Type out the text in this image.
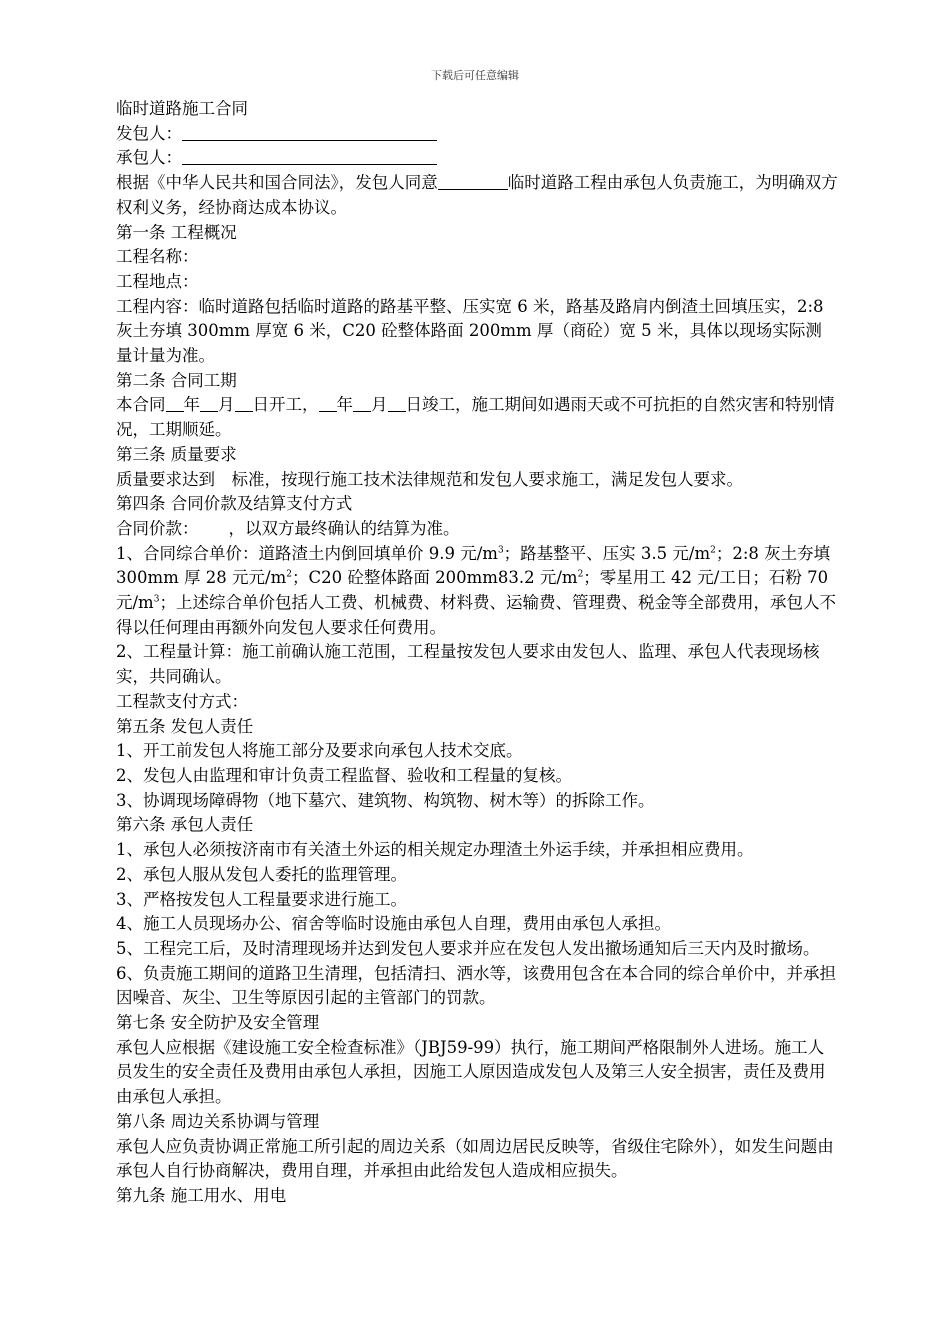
下载后可任意编辑

临时道路施工合同

发包人：

承包人：

根据《中华人民共和国合同法》，发包人同意	临时道路工程由承包人负责施工，为明确双方权利义务，经协商达成本协议。

第一条 工程概况

工程名称：

工程地点：

工程内容：临时道路包括临时道路的路基平整、压实宽 6 米，路基及路肩内倒渣土回填压实，2:8 灰土夯填 300mm 厚宽 6 米，C20 砼整体路面 200mm 厚（商砼）宽 5 米，具体以现场实际测量计量为准。

第二条 合同工期

本合同 年 月 日开工， 年 月 日竣工，施工期间如遇雨天或不可抗拒的自然灾害和特别情况，工期顺延。

第三条 质量要求

质量要求达到　标准，按现行施工技术法律规范和发包人要求施工，满足发包人要求。

第四条 合同价款及结算支付方式

合同价款：　　 ，以双方最终确认的结算为准。

1、合同综合单价：道路渣土内倒回填单价 9.9 元$/m^3$；路基整平、压实 3.5 元$/m^2$；2:8 灰土夯填 300mm 厚 28 元元$/m^2$；C20 砼整体路面 200mm83.2 元$/m^2$；零星用工 42 元/工日；石粉 70 元$/m^3$；上述综合单价包括人工费、机械费、材料费、运输费、管理费、税金等全部费用，承包人不得以任何理由再额外向发包人要求任何费用。

2、工程量计算：施工前确认施工范围，工程量按发包人要求由发包人、监理、承包人代表现场核实，共同确认。

工程款支付方式：

第五条 发包人责任

1、开工前发包人将施工部分及要求向承包人技术交底。

2、发包人由监理和审计负责工程监督、验收和工程量的复核。

3、协调现场障碍物（地下墓穴、建筑物、构筑物、树木等）的拆除工作。

第六条 承包人责任

1、承包人必须按济南市有关渣土外运的相关规定办理渣土外运手续，并承担相应费用。

2、承包人服从发包人委托的监理管理。

3、严格按发包人工程量要求进行施工。

4、施工人员现场办公、宿舍等临时设施由承包人自理，费用由承包人承担。

5、工程完工后，及时清理现场并达到发包人要求并应在发包人发出撤场通知后三天内及时撤场。

6、负责施工期间的道路卫生清理，包括清扫、洒水等，该费用包含在本合同的综合单价中，并承担因噪音、灰尘、卫生等原因引起的主管部门的罚款。

第七条 安全防护及安全管理

承包人应根据《建设施工安全检查标准》（JBJ59-99）执行，施工期间严格限制外人进场。施工人员发生的安全责任及费用由承包人承担，因施工人原因造成发包人及第三人安全损害，责任及费用由承包人承担。

第八条 周边关系协调与管理

承包人应负责协调正常施工所引起的周边关系（如周边居民反映等，省级住宅除外），如发生问题由承包人自行协商解决，费用自理，并承担由此给发包人造成相应损失。

第九条 施工用水、用电
